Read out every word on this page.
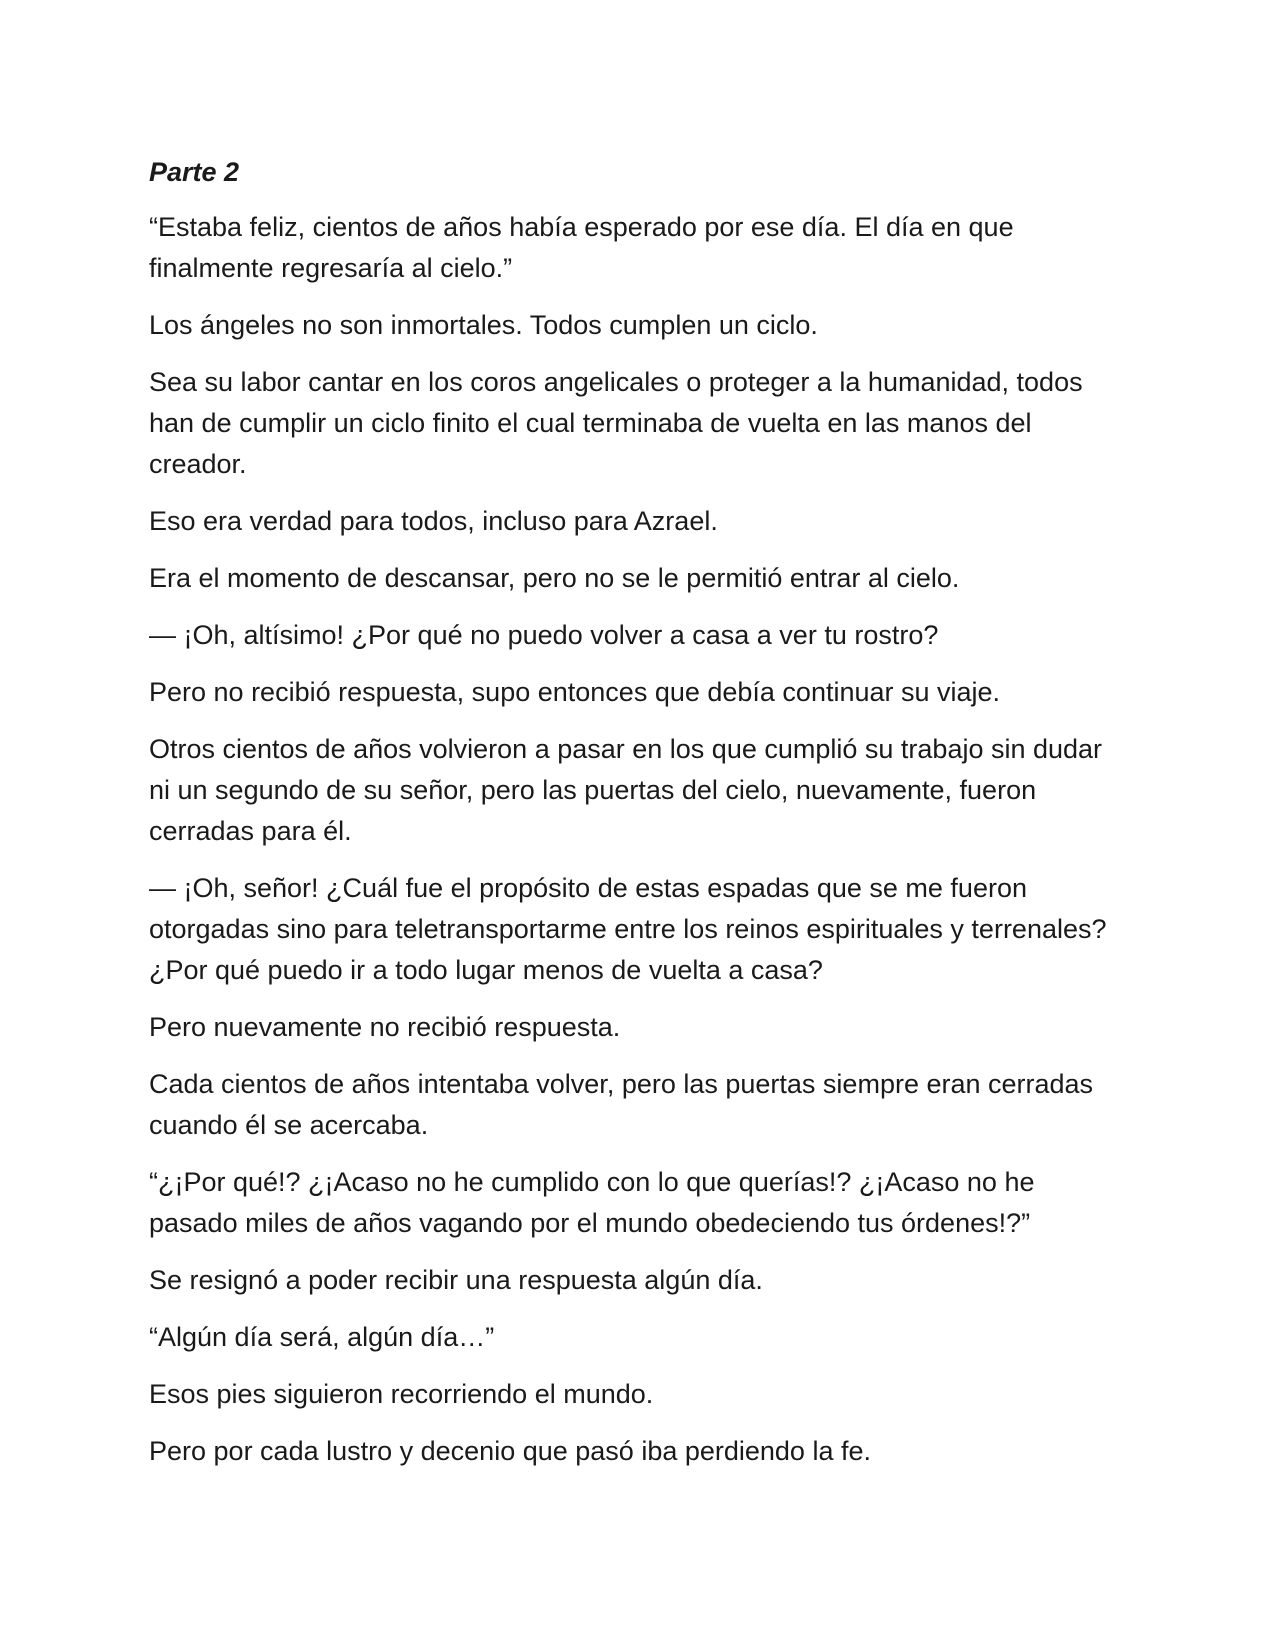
Parte 2

“Estaba feliz, cientos de años había esperado por ese día. El día en que finalmente regresaría al cielo.”

Los ángeles no son inmortales. Todos cumplen un ciclo.

Sea su labor cantar en los coros angelicales o proteger a la humanidad, todos han de cumplir un ciclo finito el cual terminaba de vuelta en las manos del creador.

Eso era verdad para todos, incluso para Azrael.

Era el momento de descansar, pero no se le permitió entrar al cielo.

— ¡Oh, altísimo! ¿Por qué no puedo volver a casa a ver tu rostro?

Pero no recibió respuesta, supo entonces que debía continuar su viaje.

Otros cientos de años volvieron a pasar en los que cumplió su trabajo sin dudar ni un segundo de su señor, pero las puertas del cielo, nuevamente, fueron cerradas para él.

— ¡Oh, señor! ¿Cuál fue el propósito de estas espadas que se me fueron otorgadas sino para teletransportarme entre los reinos espirituales y terrenales? ¿Por qué puedo ir a todo lugar menos de vuelta a casa?

Pero nuevamente no recibió respuesta.

Cada cientos de años intentaba volver, pero las puertas siempre eran cerradas cuando él se acercaba.

“¿¡Por qué!? ¿¡Acaso no he cumplido con lo que querías!? ¿¡Acaso no he pasado miles de años vagando por el mundo obedeciendo tus órdenes!?”

Se resignó a poder recibir una respuesta algún día.

“Algún día será, algún día…”

Esos pies siguieron recorriendo el mundo.

Pero por cada lustro y decenio que pasó iba perdiendo la fe.
